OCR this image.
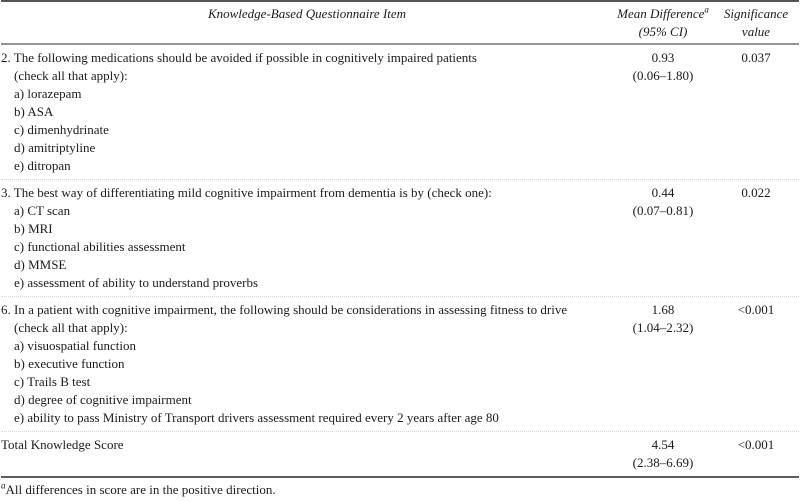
Knowledge-Based Questionnaire Item	Mean Difference$^a$
(95% CI)
Significance
value
2. The following medications should be avoided if possible in cognitively impaired patients
(check all that apply):
a) lorazepam
b) ASA
c) dimenhydrinate
d) amitriptyline
e) ditropan
0.93
(0.06–1.80)
0.037
3. The best way of differentiating mild cognitive impairment from dementia is by (check one):
a) CT scan
b) MRI
c) functional abilities assessment
d) MMSE
e) assessment of ability to understand proverbs
0.44
(0.07–0.81)
0.022
6. In a patient with cognitive impairment, the following should be considerations in assessing fitness to drive
(check all that apply):
a) visuospatial function
b) executive function
c) Trails B test
d) degree of cognitive impairment
e) ability to pass Ministry of Transport drivers assessment required every 2 years after age 80
1.68
(1.04–2.32)
<0.001
Total Knowledge Score	4.54
(2.38–6.69)
<0.001
$^a$All differences in score are in the positive direction.
